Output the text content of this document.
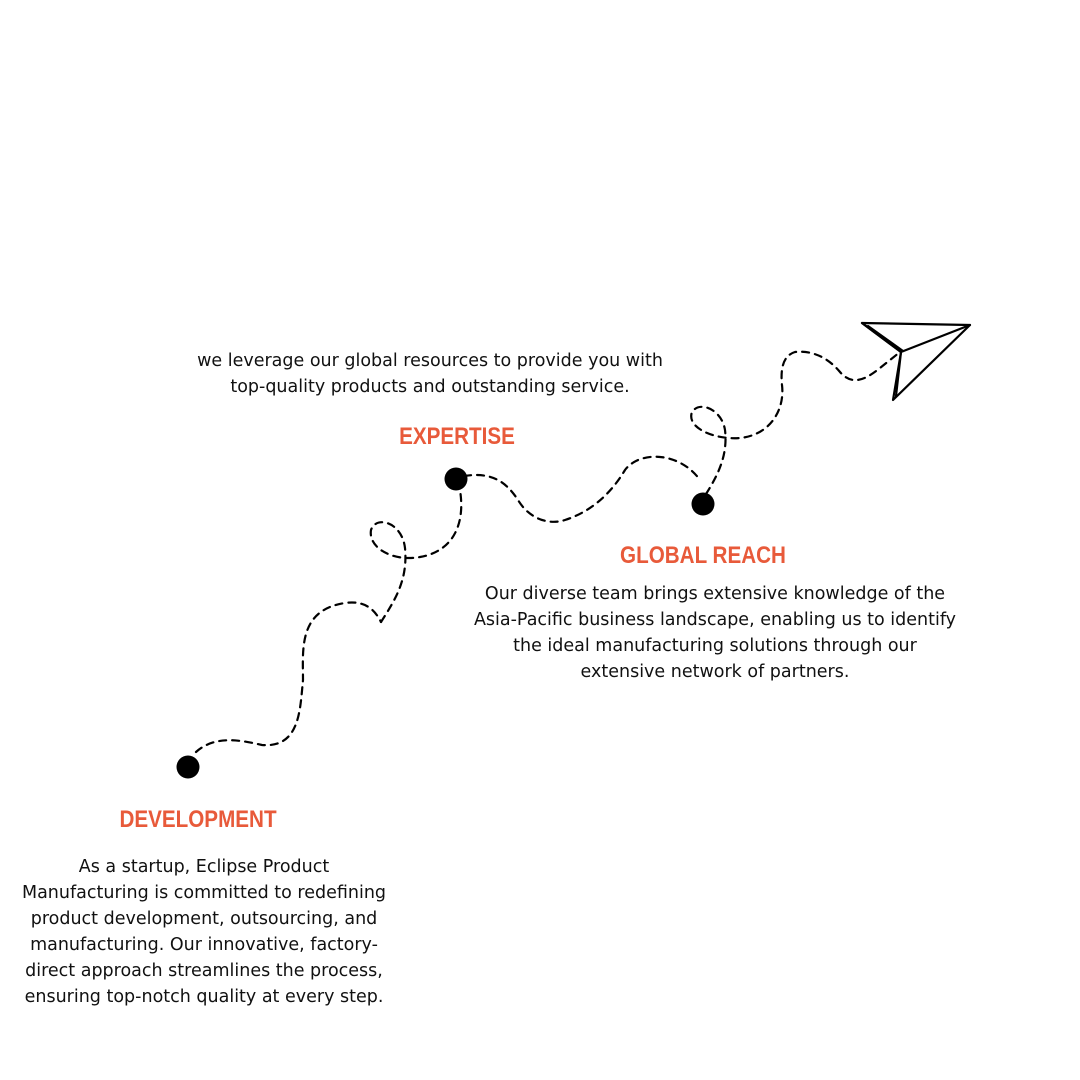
we leverage our global resources to provide you with
top-quality products and outstanding service.
EXPERTISE
GLOBAL REACH
Our diverse team brings extensive knowledge of the
Asia-Pacific business landscape, enabling us to identify
the ideal manufacturing solutions through our
extensive network of partners.
DEVELOPMENT
As a startup, Eclipse Product
Manufacturing is committed to redefining
product development, outsourcing, and
manufacturing. Our innovative, factory-
direct approach streamlines the process,
ensuring top-notch quality at every step.
